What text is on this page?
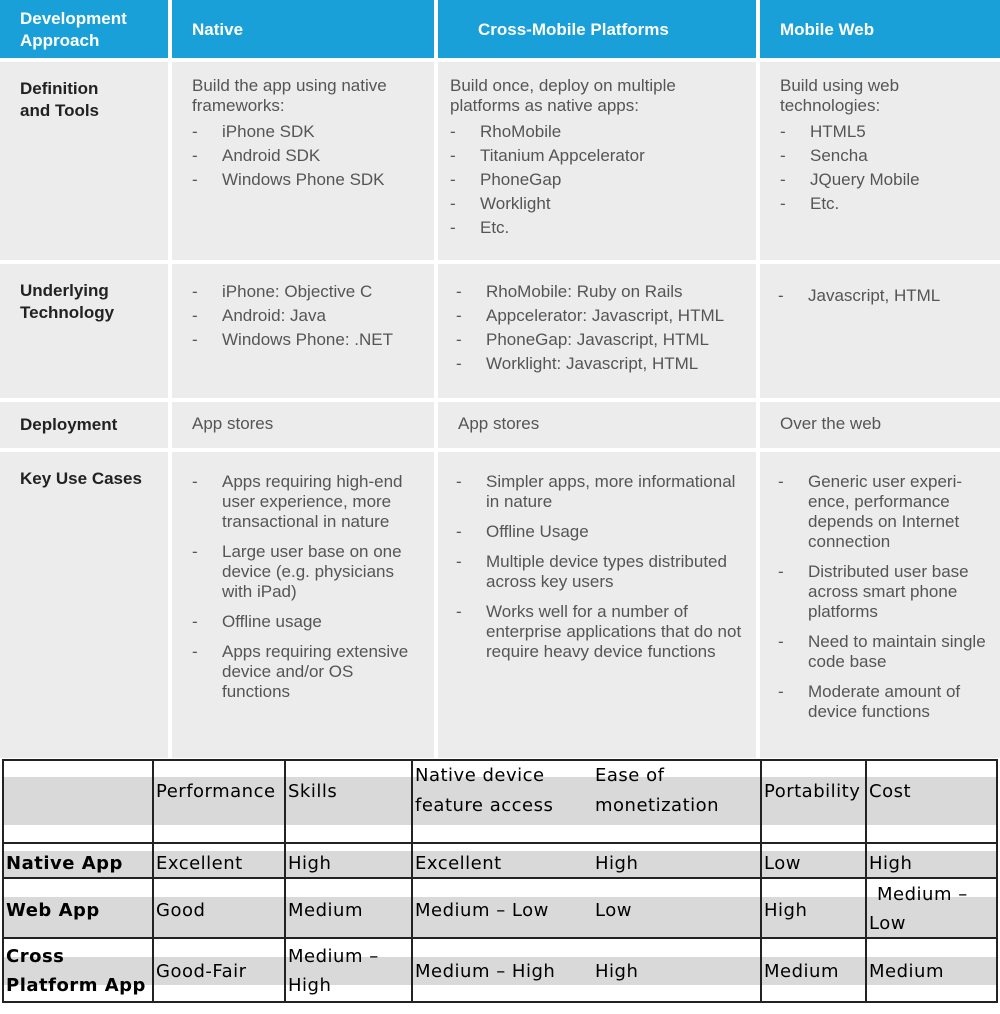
Development Approach
Native	Cross-Mobile Platforms	Mobile Web
Definition and Tools
Build the app using native frameworks:
- iPhone SDK
- Android SDK
- Windows Phone SDK
Build once, deploy on multiple platforms as native apps:
- RhoMobile
- Titanium Appcelerator
- PhoneGap
- Worklight
- Etc.
Build using web technologies:
- HTML5
- Sencha
- JQuery Mobile
- Etc.
Underlying Technology
- iPhone: Objective C
- Android: Java
- Windows Phone: .NET
- RhoMobile: Ruby on Rails
- Appcelerator: Javascript, HTML
- PhoneGap: Javascript, HTML
- Worklight: Javascript, HTML
- Javascript, HTML
Deployment	App stores	App stores	Over the web
Key Use Cases
-	Apps requiring high-end user experience, more transactional in nature
- Large user base on one device (e.g. physicians with iPad)
- Offline usage
- Apps requiring extensive device and/or OS functions
- Simpler apps, more informational in nature
- Offline Usage
- Multiple device types distributed across key users
- Works well for a number of enterprise applications that do not require heavy device functions
- Generic user experi-ence, performance depends on Internet connection
- Distributed user base across smart phone platforms
- Need to maintain single code base
- Moderate amount of device functions
Performance Skills
Native device
feature access
Ease of
monetization
Portability Cost
Native App Excellent	High	Excellent	High	Low	High
Web App	Good	Medium	Medium – Low	Low	High
Medium –
Low
Cross
Platform App
Good-Fair
Medium –
High
Medium – High High	Medium Medium
